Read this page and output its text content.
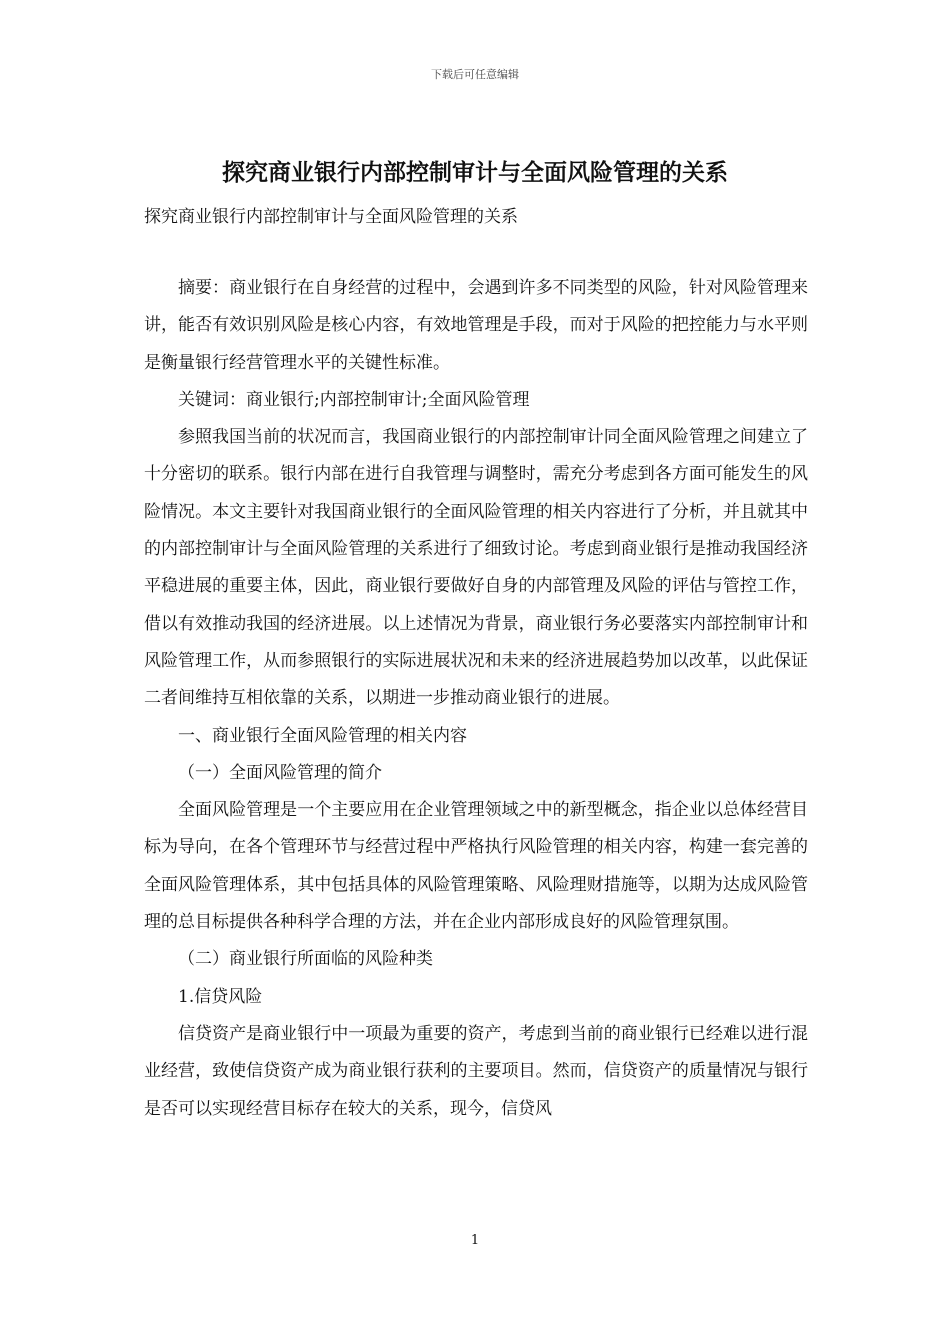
下载后可任意编辑
探究商业银行内部控制审计与全面风险管理的关系
探究商业银行内部控制审计与全面风险管理的关系

摘要：商业银行在自身经营的过程中，会遇到许多不同类型的风险，针对风险管理来讲，能否有效识别风险是核心内容，有效地管理是手段，而对于风险的把控能力与水平则是衡量银行经营管理水平的关键性标准。

关键词：商业银行;内部控制审计;全面风险管理

参照我国当前的状况而言，我国商业银行的内部控制审计同全面风险管理之间建立了十分密切的联系。银行内部在进行自我管理与调整时，需充分考虑到各方面可能发生的风险情况。本文主要针对我国商业银行的全面风险管理的相关内容进行了分析，并且就其中的内部控制审计与全面风险管理的关系进行了细致讨论。考虑到商业银行是推动我国经济平稳进展的重要主体，因此，商业银行要做好自身的内部管理及风险的评估与管控工作，借以有效推动我国的经济进展。以上述情况为背景，商业银行务必要落实内部控制审计和风险管理工作，从而参照银行的实际进展状况和未来的经济进展趋势加以改革，以此保证二者间维持互相依靠的关系，以期进一步推动商业银行的进展。

一、商业银行全面风险管理的相关内容

（一）全面风险管理的简介

全面风险管理是一个主要应用在企业管理领域之中的新型概念，指企业以总体经营目标为导向，在各个管理环节与经营过程中严格执行风险管理的相关内容，构建一套完善的全面风险管理体系，其中包括具体的风险管理策略、风险理财措施等，以期为达成风险管理的总目标提供各种科学合理的方法，并在企业内部形成良好的风险管理氛围。

（二）商业银行所面临的风险种类

1.信贷风险

信贷资产是商业银行中一项最为重要的资产，考虑到当前的商业银行已经难以进行混业经营，致使信贷资产成为商业银行获利的主要项目。然而，信贷资产的质量情况与银行是否可以实现经营目标存在较大的关系，现今，信贷风

1
